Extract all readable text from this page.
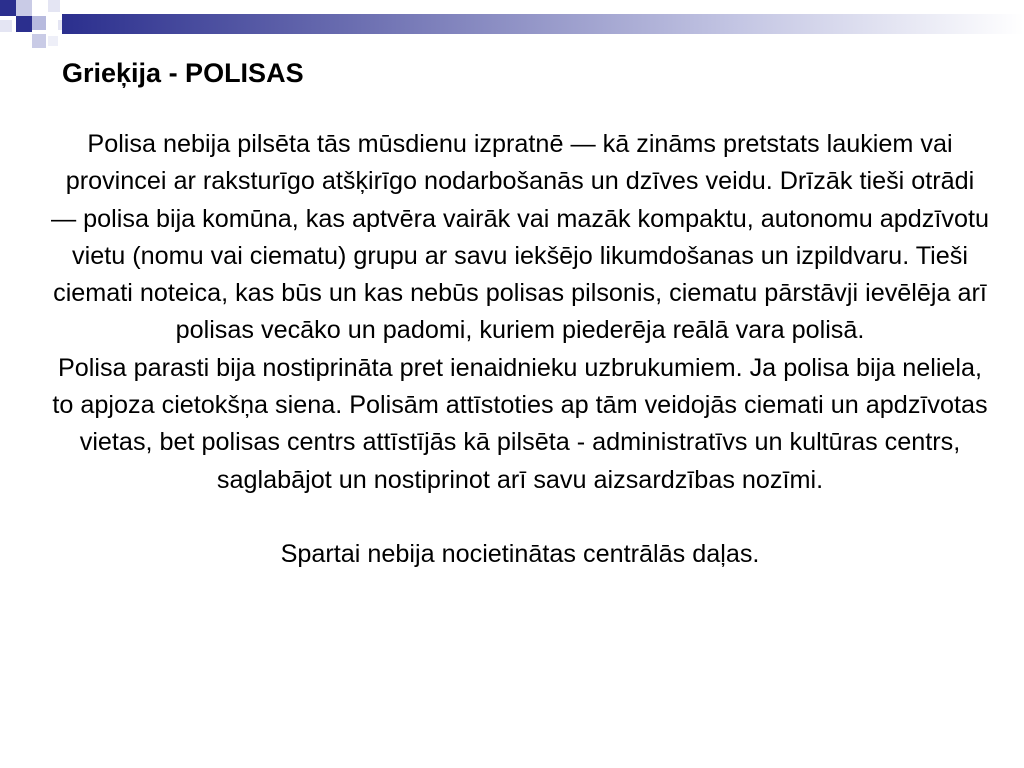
Grieķija - POLISAS

Polisa nebija pilsēta tās mūsdienu izpratnē — kā zināms pretstats laukiem vai provincei ar raksturīgo atšķirīgo nodarbošanās un dzīves veidu. Drīzāk tieši otrādi — polisa bija komūna, kas aptvēra vairāk vai mazāk kompaktu, autonomu apdzīvotu vietu (nomu vai ciematu) grupu ar savu iekšējo likumdošanas un izpildvaru. Tieši ciemati noteica, kas būs un kas nebūs polisas pilsonis, ciematu pārstāvji ievēlēja arī polisas vecāko un padomi, kuriem piederēja reālā vara polisā.

Polisa parasti bija nostiprināta pret ienaidnieku uzbrukumiem. Ja polisa bija neliela, to apjoza cietokšņa siena. Polisām attīstoties ap tām veidojās ciemati un apdzīvotas vietas, bet polisas centrs attīstījās kā pilsēta - administratīvs un kultūras centrs, saglabājot un nostiprinot arī savu aizsardzības nozīmi.

Spartai nebija nocietinātas centrālās daļas.
